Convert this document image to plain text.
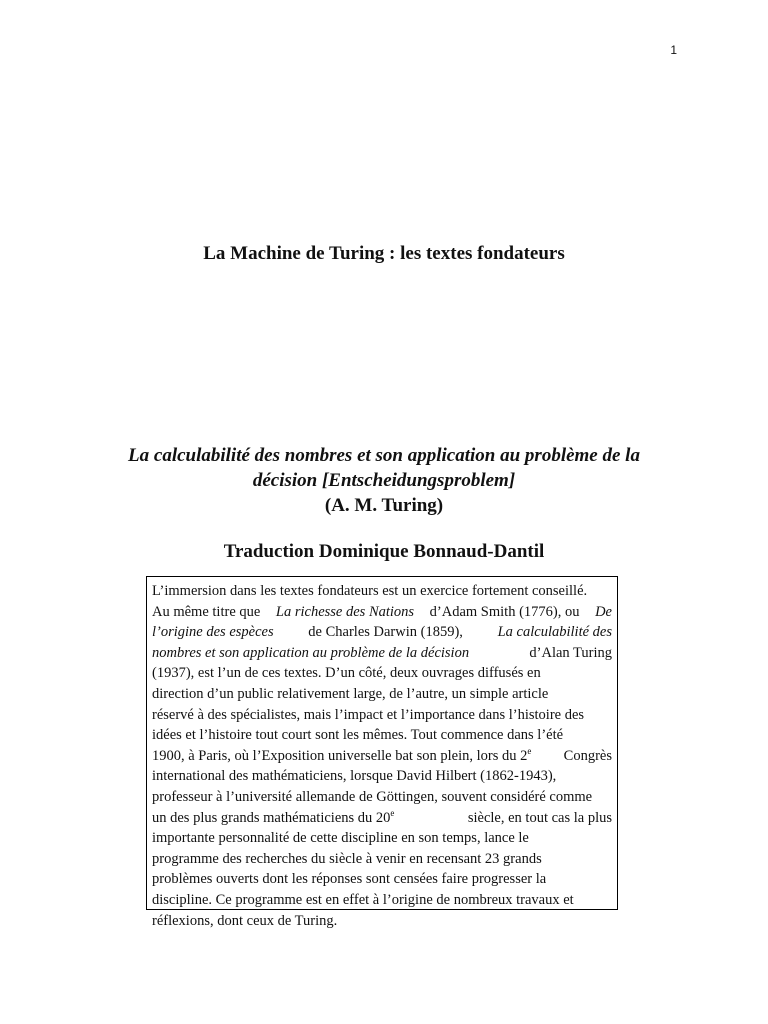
1
La Machine de Turing : les textes fondateurs
La calculabilité des nombres et son application au problème de la
décision [Entscheidungsproblem]
(A. M. Turing)
Traduction Dominique Bonnaud-Dantil
L’immersion dans les textes fondateurs est un exercice fortement conseillé.
Au même titre que La richesse des Nations d’Adam Smith (1776), ou De
l’origine des espèces de Charles Darwin (1859), La calculabilité des
nombres et son application au problème de la décision	d’Alan Turing
(1937), est l’un de ces textes. D’un côté, deux ouvrages diffusés en
direction d’un public relativement large, de l’autre, un simple article
réservé à des spécialistes, mais l’impact et l’importance dans l’histoire des
idées et l’histoire tout court sont les mêmes. Tout commence dans l’été
1900, à Paris, où l’Exposition universelle bat son plein, lors du 2e Congrès
international des mathématiciens, lorsque David Hilbert (1862-1943),
professeur à l’université allemande de Göttingen, souvent considéré comme
un des plus grands mathématiciens du 20e	siècle, en tout cas la plus
importante personnalité de cette discipline en son temps, lance le
programme des recherches du siècle à venir en recensant 23 grands
problèmes ouverts dont les réponses sont censées faire progresser la
discipline. Ce programme est en effet à l’origine de nombreux travaux et
réflexions, dont ceux de Turing.
